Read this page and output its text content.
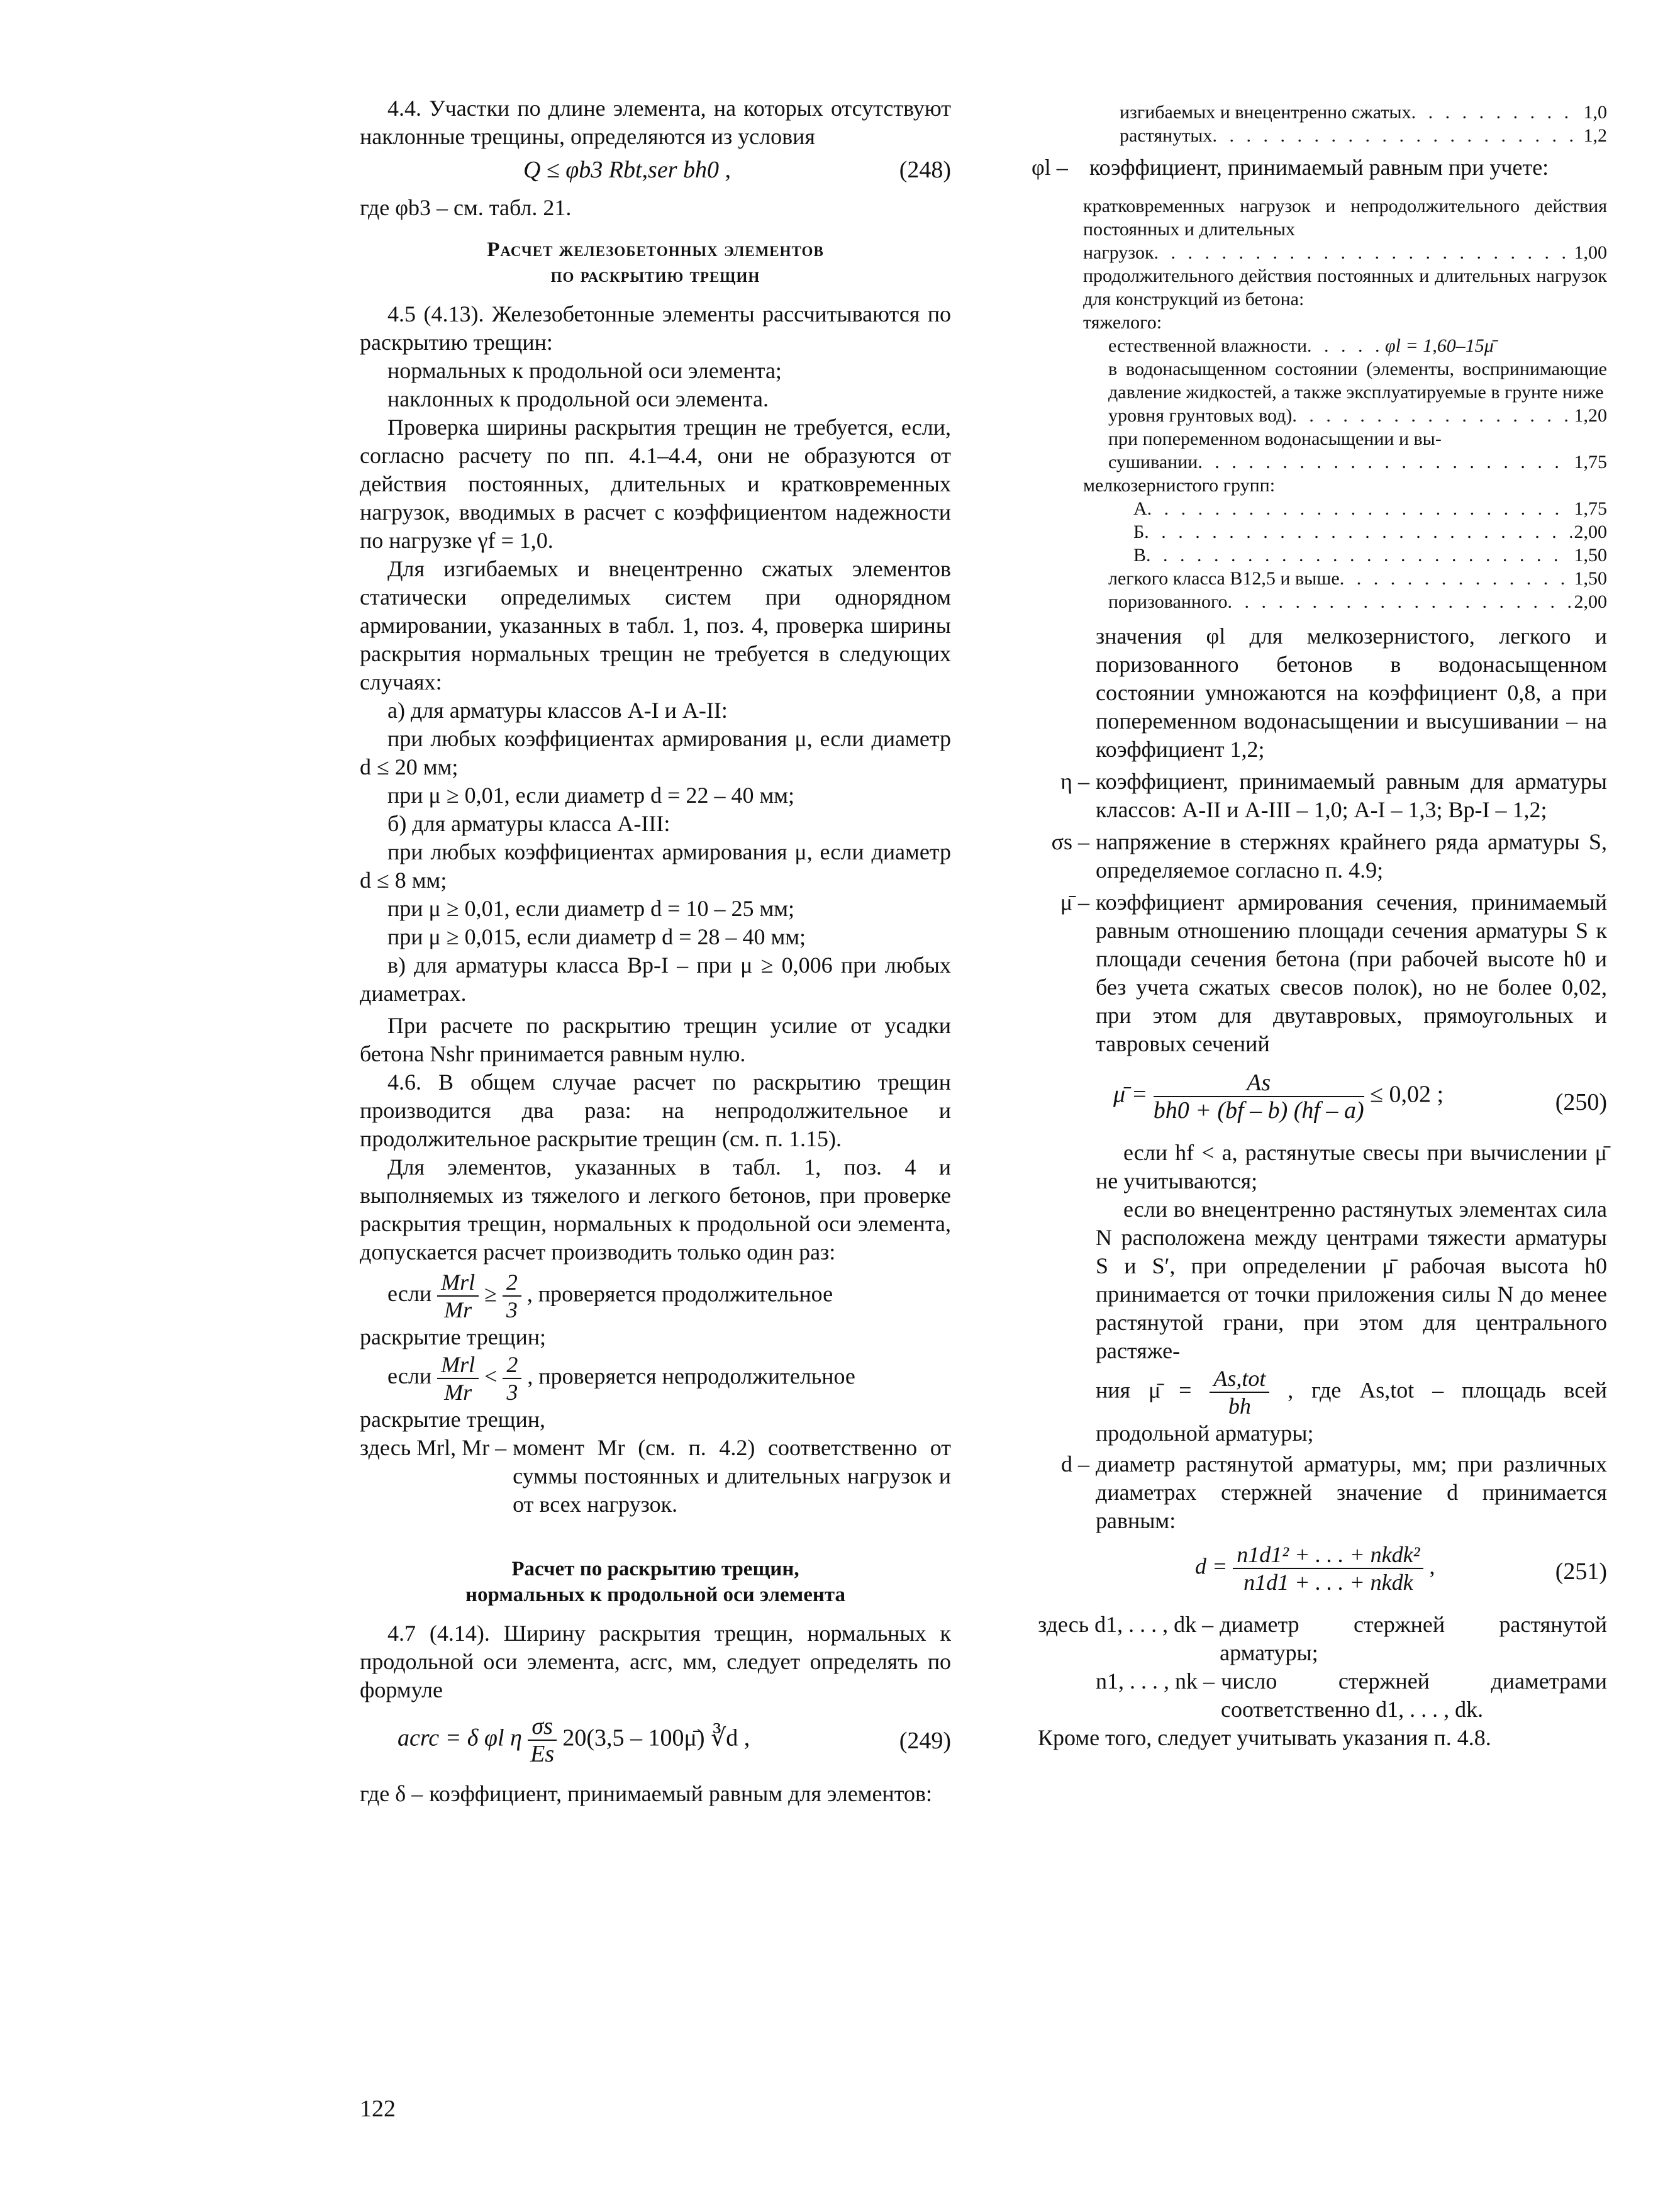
4.4. Участки по длине элемента, на которых отсутствуют наклонные трещины, определяются из условия

Q ≤ φb3 Rbt,ser bh0 ,	(248)

где φb3 – см. табл. 21.

Расчет железобетонных элементов

по раскрытию трещин

4.5 (4.13). Железобетонные элементы рассчитываются по раскрытию трещин:

нормальных к продольной оси элемента;

наклонных к продольной оси элемента.

Проверка ширины раскрытия трещин не требуется, если, согласно расчету по пп. 4.1–4.4, они не образуются от действия постоянных, длительных и кратковременных нагрузок, вводимых в расчет с коэффициентом надежности по нагрузке γf = 1,0.

Для изгибаемых и внецентренно сжатых элементов статически определимых систем при однорядном армировании, указанных в табл. 1, поз. 4, проверка ширины раскрытия нормальных трещин не требуется в следующих случаях:

а) для арматуры классов А-I и А-II:

при любых коэффициентах армирования μ, если диаметр d ≤ 20 мм;

при μ ≥ 0,01, если диаметр d = 22 – 40 мм;

б) для арматуры класса А-III:

при любых коэффициентах армирования μ, если диаметр d ≤ 8 мм;

при μ ≥ 0,01, если диаметр d = 10 – 25 мм;

при μ ≥ 0,015, если диаметр d = 28 – 40 мм;

в) для арматуры класса Вр-I – при μ ≥ 0,006 при любых диаметрах.

При расчете по раскрытию трещин усилие от усадки бетона Nshr принимается равным нулю.

4.6. В общем случае расчет по раскрытию трещин производится два раза: на непродолжительное и продолжительное раскрытие трещин (см. п. 1.15).

Для элементов, указанных в табл. 1, поз. 4 и выполняемых из тяжелого и легкого бетонов, при проверке раскрытия трещин, нормальных к продольной оси элемента, допускается расчет производить только один раз:

если $\frac{\text{Mrl}}{Mr} \ge \frac{2}{3}$ , проверяется продолжительное

раскрытие трещин;

если $\frac{\text{Mrl}}{Mr} < \frac{2}{3}$ , проверяется непродолжительное

раскрытие трещин,

здесь Mrl, Mr – момент Mr (см. п. 4.2) соответственно от суммы постоянных и длительных нагрузок и от всех нагрузок.

Расчет по раскрытию трещин,

нормальных к продольной оси элемента

4.7 (4.14). Ширину раскрытия трещин, нормальных к продольной оси элемента, acrc, мм, следует определять по формуле

acrc = δ φl η $\frac{\sigma s}{Es} 20(3,5$ – 100μ̄) ∛d ,	(249)
где δ – коэффициент, принимаемый равным для элементов:
изгибаемых и внецентренно сжатых . . .	1,0
растянутых . . .	1,2
φl – коэффициент, принимаемый равным при учете:

кратковременных нагрузок и непродолжительного действия постоянных и длительных

нагрузок . . .	1,00

продолжительного действия постоянных и длительных нагрузок для конструкций из бетона:

тяжелого:

естественной влажности . . .	φl = 1,60–15μ̄

в водонасыщенном состоянии (элементы, воспринимающие давление жидкостей, а также эксплуатируемые в грунте ниже

уровня грунтовых вод) . . .	1,20

при попеременном водонасыщении и вы-

сушивании . . .	1,75

мелкозернистого групп:

А . . .	1,75
Б . . .	2,00
В . . .	1,50
легкого класса В12,5 и выше . . .	1,50
поризованного . . .	2,00

значения φl для мелкозернистого, легкого и поризованного бетонов в водонасыщенном состоянии умножаются на коэффициент 0,8, а при попеременном водонасыщении и высушивании – на коэффициент 1,2;

η – коэффициент, принимаемый равным для арматуры классов: А-II и А-III – 1,0; А-I – 1,3; Вр-I – 1,2;
σs – напряжение в стержнях крайнего ряда арматуры S, определяемое согласно п. 4.9;
μ̄ – коэффициент армирования сечения, принимаемый равным отношению площади сечения арматуры S к площади сечения бетона (при рабочей высоте h0 и без учета сжатых свесов полок), но не более 0,02, при этом для двутавровых, прямоугольных и тавровых сечений
μ̄ = $\frac{As}{bh0 + (bf - b) (hf - a)} \le 0,02$ ;	(250)

если hf < a, растянутые свесы при вычислении μ̄ не учитываются;

если во внецентренно растянутых элементах сила N расположена между центрами тяжести арматуры S и S′, при определении μ̄ рабочая высота h0 принимается от точки приложения силы N до менее растянутой грани, при этом для центрального растяже-

ния μ̄ = $\frac{\text{As,tot}}{bh}$ , где As,tot – площадь всей продольной арматуры;
d – диаметр растянутой арматуры, мм; при различных диаметрах стержней значение d принимается равным:
$d = \frac{\text{n1d1² + . . . + nkdk²}}{\text{n1d1 + . . . + nkdk}}$ ,	(251)
здесь d1, . . . , dk – диаметр стержней растянутой арматуры;
n1, . . . , nk – число стержней диаметрами соответственно d1, . . . , dk.

Кроме того, следует учитывать указания п. 4.8.

122
